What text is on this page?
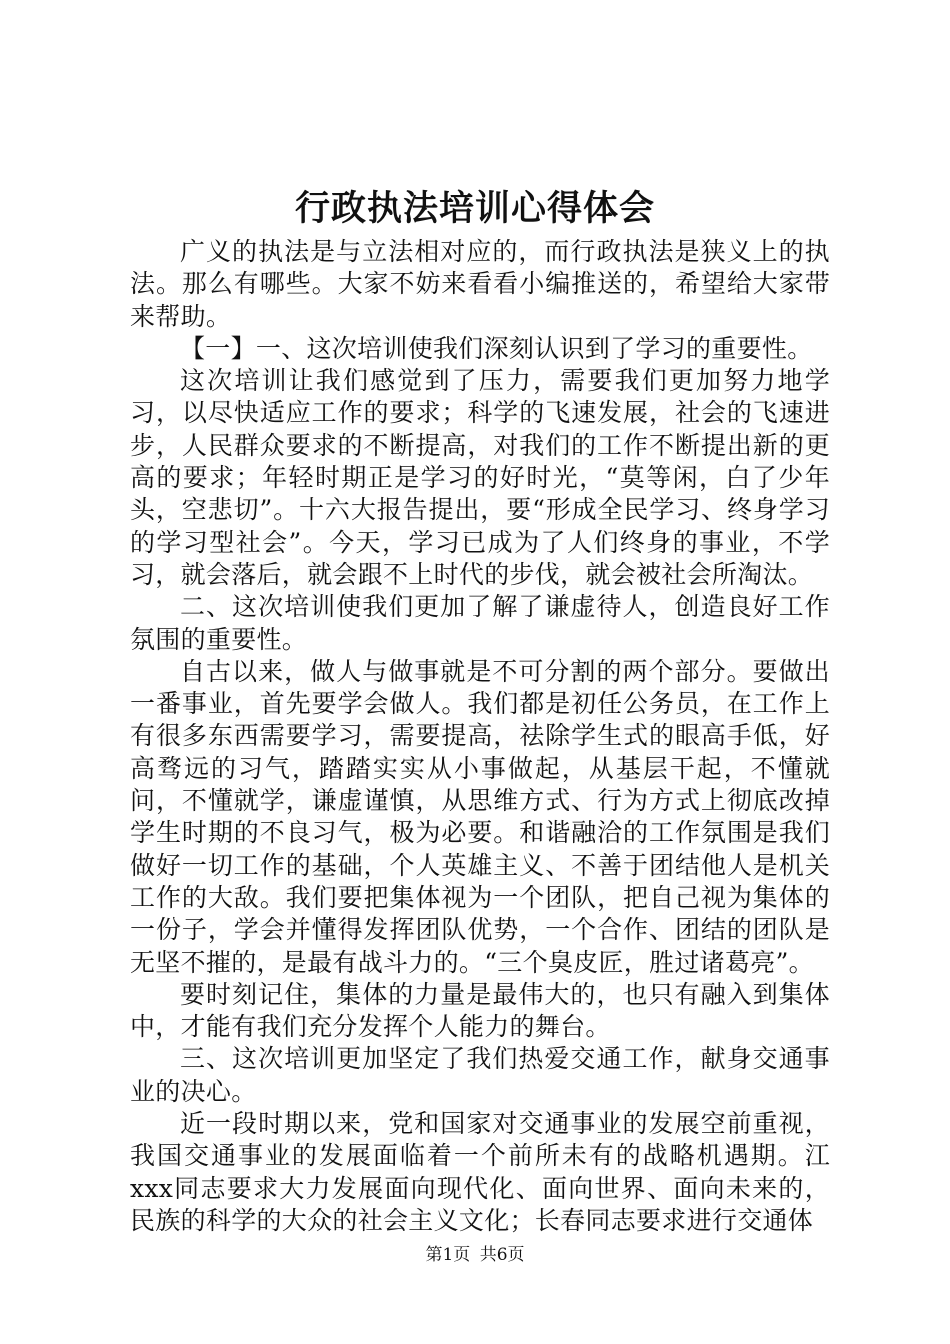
行政执法培训心得体会

广义的执法是与立法相对应的，而行政执法是狭义上的执法。那么有哪些。大家不妨来看看小编推送的，希望给大家带来帮助。

【一】一、这次培训使我们深刻认识到了学习的重要性。

这次培训让我们感觉到了压力，需要我们更加努力地学习，以尽快适应工作的要求；科学的飞速发展，社会的飞速进步，人民群众要求的不断提高，对我们的工作不断提出新的更高的要求；年轻时期正是学习的好时光，“莫等闲，白了少年头，空悲切”。十六大报告提出，要“形成全民学习、终身学习的学习型社会”。今天，学习已成为了人们终身的事业，不学习，就会落后，就会跟不上时代的步伐，就会被社会所淘汰。

二、这次培训使我们更加了解了谦虚待人，创造良好工作氛围的重要性。

自古以来，做人与做事就是不可分割的两个部分。要做出一番事业，首先要学会做人。我们都是初任公务员，在工作上有很多东西需要学习，需要提高，祛除学生式的眼高手低，好高骛远的习气，踏踏实实从小事做起，从基层干起，不懂就问，不懂就学，谦虚谨慎，从思维方式、行为方式上彻底改掉学生时期的不良习气，极为必要。和谐融洽的工作氛围是我们做好一切工作的基础，个人英雄主义、不善于团结他人是机关工作的大敌。我们要把集体视为一个团队，把自己视为集体的一份子，学会并懂得发挥团队优势，一个合作、团结的团队是无坚不摧的，是最有战斗力的。“三个臭皮匠，胜过诸葛亮”。

要时刻记住，集体的力量是最伟大的，也只有融入到集体中，才能有我们充分发挥个人能力的舞台。

三、这次培训更加坚定了我们热爱交通工作，献身交通事业的决心。

近一段时期以来，党和国家对交通事业的发展空前重视，我国交通事业的发展面临着一个前所未有的战略机遇期。江xxx同志要求大力发展面向现代化、面向世界、面向未来的，民族的科学的大众的社会主义文化；长春同志要求进行交通体

第1页 共6页
